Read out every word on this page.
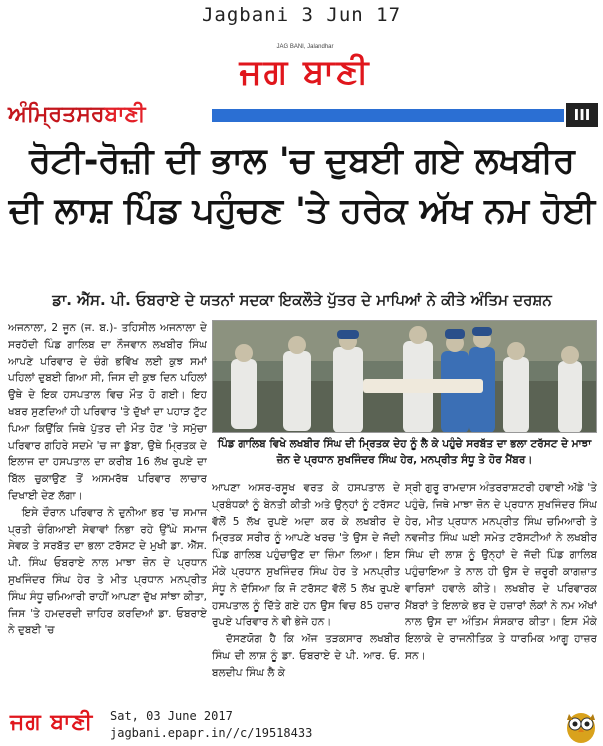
Jagbani 3 Jun 17
JAG BANI, Jalandhar
ਜਗ ਬਾਣੀ
ਅੰਮ੍ਰਿਤਸਰਬਾਣੀ	III
ਰੋਟੀ-ਰੋਜ਼ੀ ਦੀ ਭਾਲ 'ਚ ਦੁਬਈ ਗਏ ਲਖਬੀਰ
ਦੀ ਲਾਸ਼ ਪਿੰਡ ਪਹੁੰਚਣ 'ਤੇ ਹਰੇਕ ਅੱਖ ਨਮ ਹੋਈ
ਡਾ. ਐੱਸ. ਪੀ. ਓਬਰਾਏ ਦੇ ਯਤਨਾਂ ਸਦਕਾ ਇਕਲੌਤੇ ਪੁੱਤਰ ਦੇ ਮਾਪਿਆਂ ਨੇ ਕੀਤੇ ਅੰਤਿਮ ਦਰਸ਼ਨ

ਅਜਨਾਲਾ, 2 ਜੂਨ (ਜ. ਬ.)- ਤਹਿਸੀਲ ਅਜਨਾਲਾ ਦੇ ਸਰਹੱਦੀ ਪਿੰਡ ਗਾਲਿਬ ਦਾ ਨੌਜਵਾਨ ਲਖਬੀਰ ਸਿੰਘ ਆਪਣੇ ਪਰਿਵਾਰ ਦੇ ਚੰਗੇ ਭਵਿੱਖ ਲਈ ਕੁਝ ਸਮਾਂ ਪਹਿਲਾਂ ਦੁਬਈ ਗਿਆ ਸੀ, ਜਿਸ ਦੀ ਕੁਝ ਦਿਨ ਪਹਿਲਾਂ ਉਥੇ ਦੇ ਇਕ ਹਸਪਤਾਲ ਵਿਚ ਮੌਤ ਹੋ ਗਈ। ਇਹ ਖਬਰ ਸੁਣਦਿਆਂ ਹੀ ਪਰਿਵਾਰ 'ਤੇ ਦੁੱਖਾਂ ਦਾ ਪਹਾੜ ਟੁੱਟ ਪਿਆ ਕਿਉਂਕਿ ਜਿਥੇ ਪੁੱਤਰ ਦੀ ਮੌਤ ਹੋਣ 'ਤੇ ਸਮੁੱਚਾ ਪਰਿਵਾਰ ਗਹਿਰੇ ਸਦਮੇ 'ਚ ਜਾ ਡੁੱਬਾ, ਉਥੇ ਮ੍ਰਿਤਕ ਦੇ ਇਲਾਜ ਦਾ ਹਸਪਤਾਲ ਦਾ ਕਰੀਬ 16 ਲੱਖ ਰੁਪਏ ਦਾ ਬਿੱਲ ਚੁਕਾਉਣ ਤੋਂ ਅਸਮਰੱਥ ਪਰਿਵਾਰ ਲਾਚਾਰ ਦਿਖਾਈ ਦੇਣ ਲੱਗਾ।

ਇਸੇ ਦੌਰਾਨ ਪਰਿਵਾਰ ਨੇ ਦੁਨੀਆ ਭਰ 'ਚ ਸਮਾਜ ਪ੍ਰਤੀ ਚੰਗਿਆਈ ਸੇਵਾਵਾਂ ਨਿਭਾ ਰਹੇ ਉੱਘੇ ਸਮਾਜ ਸੇਵਕ ਤੇ ਸਰਬੱਤ ਦਾ ਭਲਾ ਟਰੱਸਟ ਦੇ ਮੁਖੀ ਡਾ. ਐੱਸ. ਪੀ. ਸਿੰਘ ਓਬਰਾਏ ਨਾਲ ਮਾਝਾ ਜ਼ੋਨ ਦੇ ਪ੍ਰਧਾਨ ਸੁਖਜਿੰਦਰ ਸਿੰਘ ਹੇਰ ਤੇ ਮੀਤ ਪ੍ਰਧਾਨ ਮਨਪ੍ਰੀਤ ਸਿੰਘ ਸੰਧੂ ਚਮਿਆਰੀ ਰਾਹੀਂ ਆਪਣਾ ਦੁੱਖ ਸਾਂਝਾ ਕੀਤਾ, ਜਿਸ 'ਤੇ ਹਮਦਰਦੀ ਜ਼ਾਹਿਰ ਕਰਦਿਆਂ ਡਾ. ਓਬਰਾਏ ਨੇ ਦੁਬਈ 'ਚ

ਪਿੰਡ ਗਾਲਿਬ ਵਿਖੇ ਲਖਬੀਰ ਸਿੰਘ ਦੀ ਮ੍ਰਿਤਕ ਦੇਹ ਨੂੰ ਲੈ ਕੇ ਪਹੁੰਚੇ ਸਰਬੱਤ ਦਾ ਭਲਾ ਟਰੱਸਟ ਦੇ ਮਾਝਾ ਜ਼ੋਨ ਦੇ ਪ੍ਰਧਾਨ ਸੁਖਜਿੰਦਰ ਸਿੰਘ ਹੇਰ, ਮਨਪ੍ਰੀਤ ਸੰਧੂ ਤੇ ਹੋਰ ਮੈਂਬਰ।

ਆਪਣਾ ਅਸਰ-ਰਸੂਖ ਵਰਤ ਕੇ ਹਸਪਤਾਲ ਦੇ ਪ੍ਰਬੰਧਕਾਂ ਨੂੰ ਬੇਨਤੀ ਕੀਤੀ ਅਤੇ ਉਨ੍ਹਾਂ ਨੂੰ ਟਰੱਸਟ ਵੱਲੋਂ 5 ਲੱਖ ਰੁਪਏ ਅਦਾ ਕਰ ਕੇ ਲਖਬੀਰ ਦੇ ਮ੍ਰਿਤਕ ਸਰੀਰ ਨੂੰ ਆਪਣੇ ਖਰਚ 'ਤੇ ਉਸ ਦੇ ਜੱਦੀ ਪਿੰਡ ਗਾਲਿਬ ਪਹੁੰਚਾਉਣ ਦਾ ਜ਼ਿੰਮਾ ਲਿਆ। ਇਸ ਮੌਕੇ ਪ੍ਰਧਾਨ ਸੁਖਜਿੰਦਰ ਸਿੰਘ ਹੇਰ ਤੇ ਮਨਪ੍ਰੀਤ ਸੰਧੂ ਨੇ ਦੱਸਿਆ ਕਿ ਜੋ ਟਰੱਸਟ ਵੱਲੋਂ 5 ਲੱਖ ਰੁਪਏ ਹਸਪਤਾਲ ਨੂੰ ਦਿੱਤੇ ਗਏ ਹਨ ਉਸ ਵਿਚ 85 ਹਜ਼ਾਰ ਰੁਪਏ ਪਰਿਵਾਰ ਨੇ ਵੀ ਭੇਜੇ ਹਨ।

ਦੱਸਣਯੋਗ ਹੈ ਕਿ ਅੱਜ ਤੜਕਸਾਰ ਲਖਬੀਰ ਸਿੰਘ ਦੀ ਲਾਸ਼ ਨੂੰ ਡਾ. ਓਬਰਾਏ ਦੇ ਪੀ. ਆਰ. ਓ. ਬਲਦੀਪ ਸਿੰਘ ਲੈ ਕੇ

ਸ੍ਰੀ ਗੁਰੂ ਰਾਮਦਾਸ ਅੰਤਰਰਾਸ਼ਟਰੀ ਹਵਾਈ ਅੱਡੇ 'ਤੇ ਪਹੁੰਚੇ, ਜਿਥੇ ਮਾਝਾ ਜ਼ੋਨ ਦੇ ਪ੍ਰਧਾਨ ਸੁਖਜਿੰਦਰ ਸਿੰਘ ਹੇਰ, ਮੀਤ ਪ੍ਰਧਾਨ ਮਨਪ੍ਰੀਤ ਸਿੰਘ ਚਮਿਆਰੀ ਤੇ ਨਵਜੀਤ ਸਿੰਘ ਘਈ ਸਮੇਤ ਟਰੱਸਟੀਆਂ ਨੇ ਲਖਬੀਰ ਸਿੰਘ ਦੀ ਲਾਸ਼ ਨੂੰ ਉਨ੍ਹਾਂ ਦੇ ਜੱਦੀ ਪਿੰਡ ਗਾਲਿਬ ਪਹੁੰਚਾਇਆ ਤੇ ਨਾਲ ਹੀ ਉਸ ਦੇ ਜ਼ਰੂਰੀ ਕਾਗਜ਼ਾਤ ਵਾਰਿਸਾਂ ਹਵਾਲੇ ਕੀਤੇ। ਲਖਬੀਰ ਦੇ ਪਰਿਵਾਰਕ ਮੈਂਬਰਾਂ ਤੇ ਇਲਾਕੇ ਭਰ ਦੇ ਹਜ਼ਾਰਾਂ ਲੋਕਾਂ ਨੇ ਨਮ ਅੱਖਾਂ ਨਾਲ ਉਸ ਦਾ ਅੰਤਿਮ ਸੰਸਕਾਰ ਕੀਤਾ। ਇਸ ਮੌਕੇ ਇਲਾਕੇ ਦੇ ਰਾਜਨੀਤਿਕ ਤੇ ਧਾਰਮਿਕ ਆਗੂ ਹਾਜ਼ਰ ਸਨ।

ਜਗ ਬਾਣੀ Sat, 03 June 2017
jagbani.epapr.in//c/19518433
